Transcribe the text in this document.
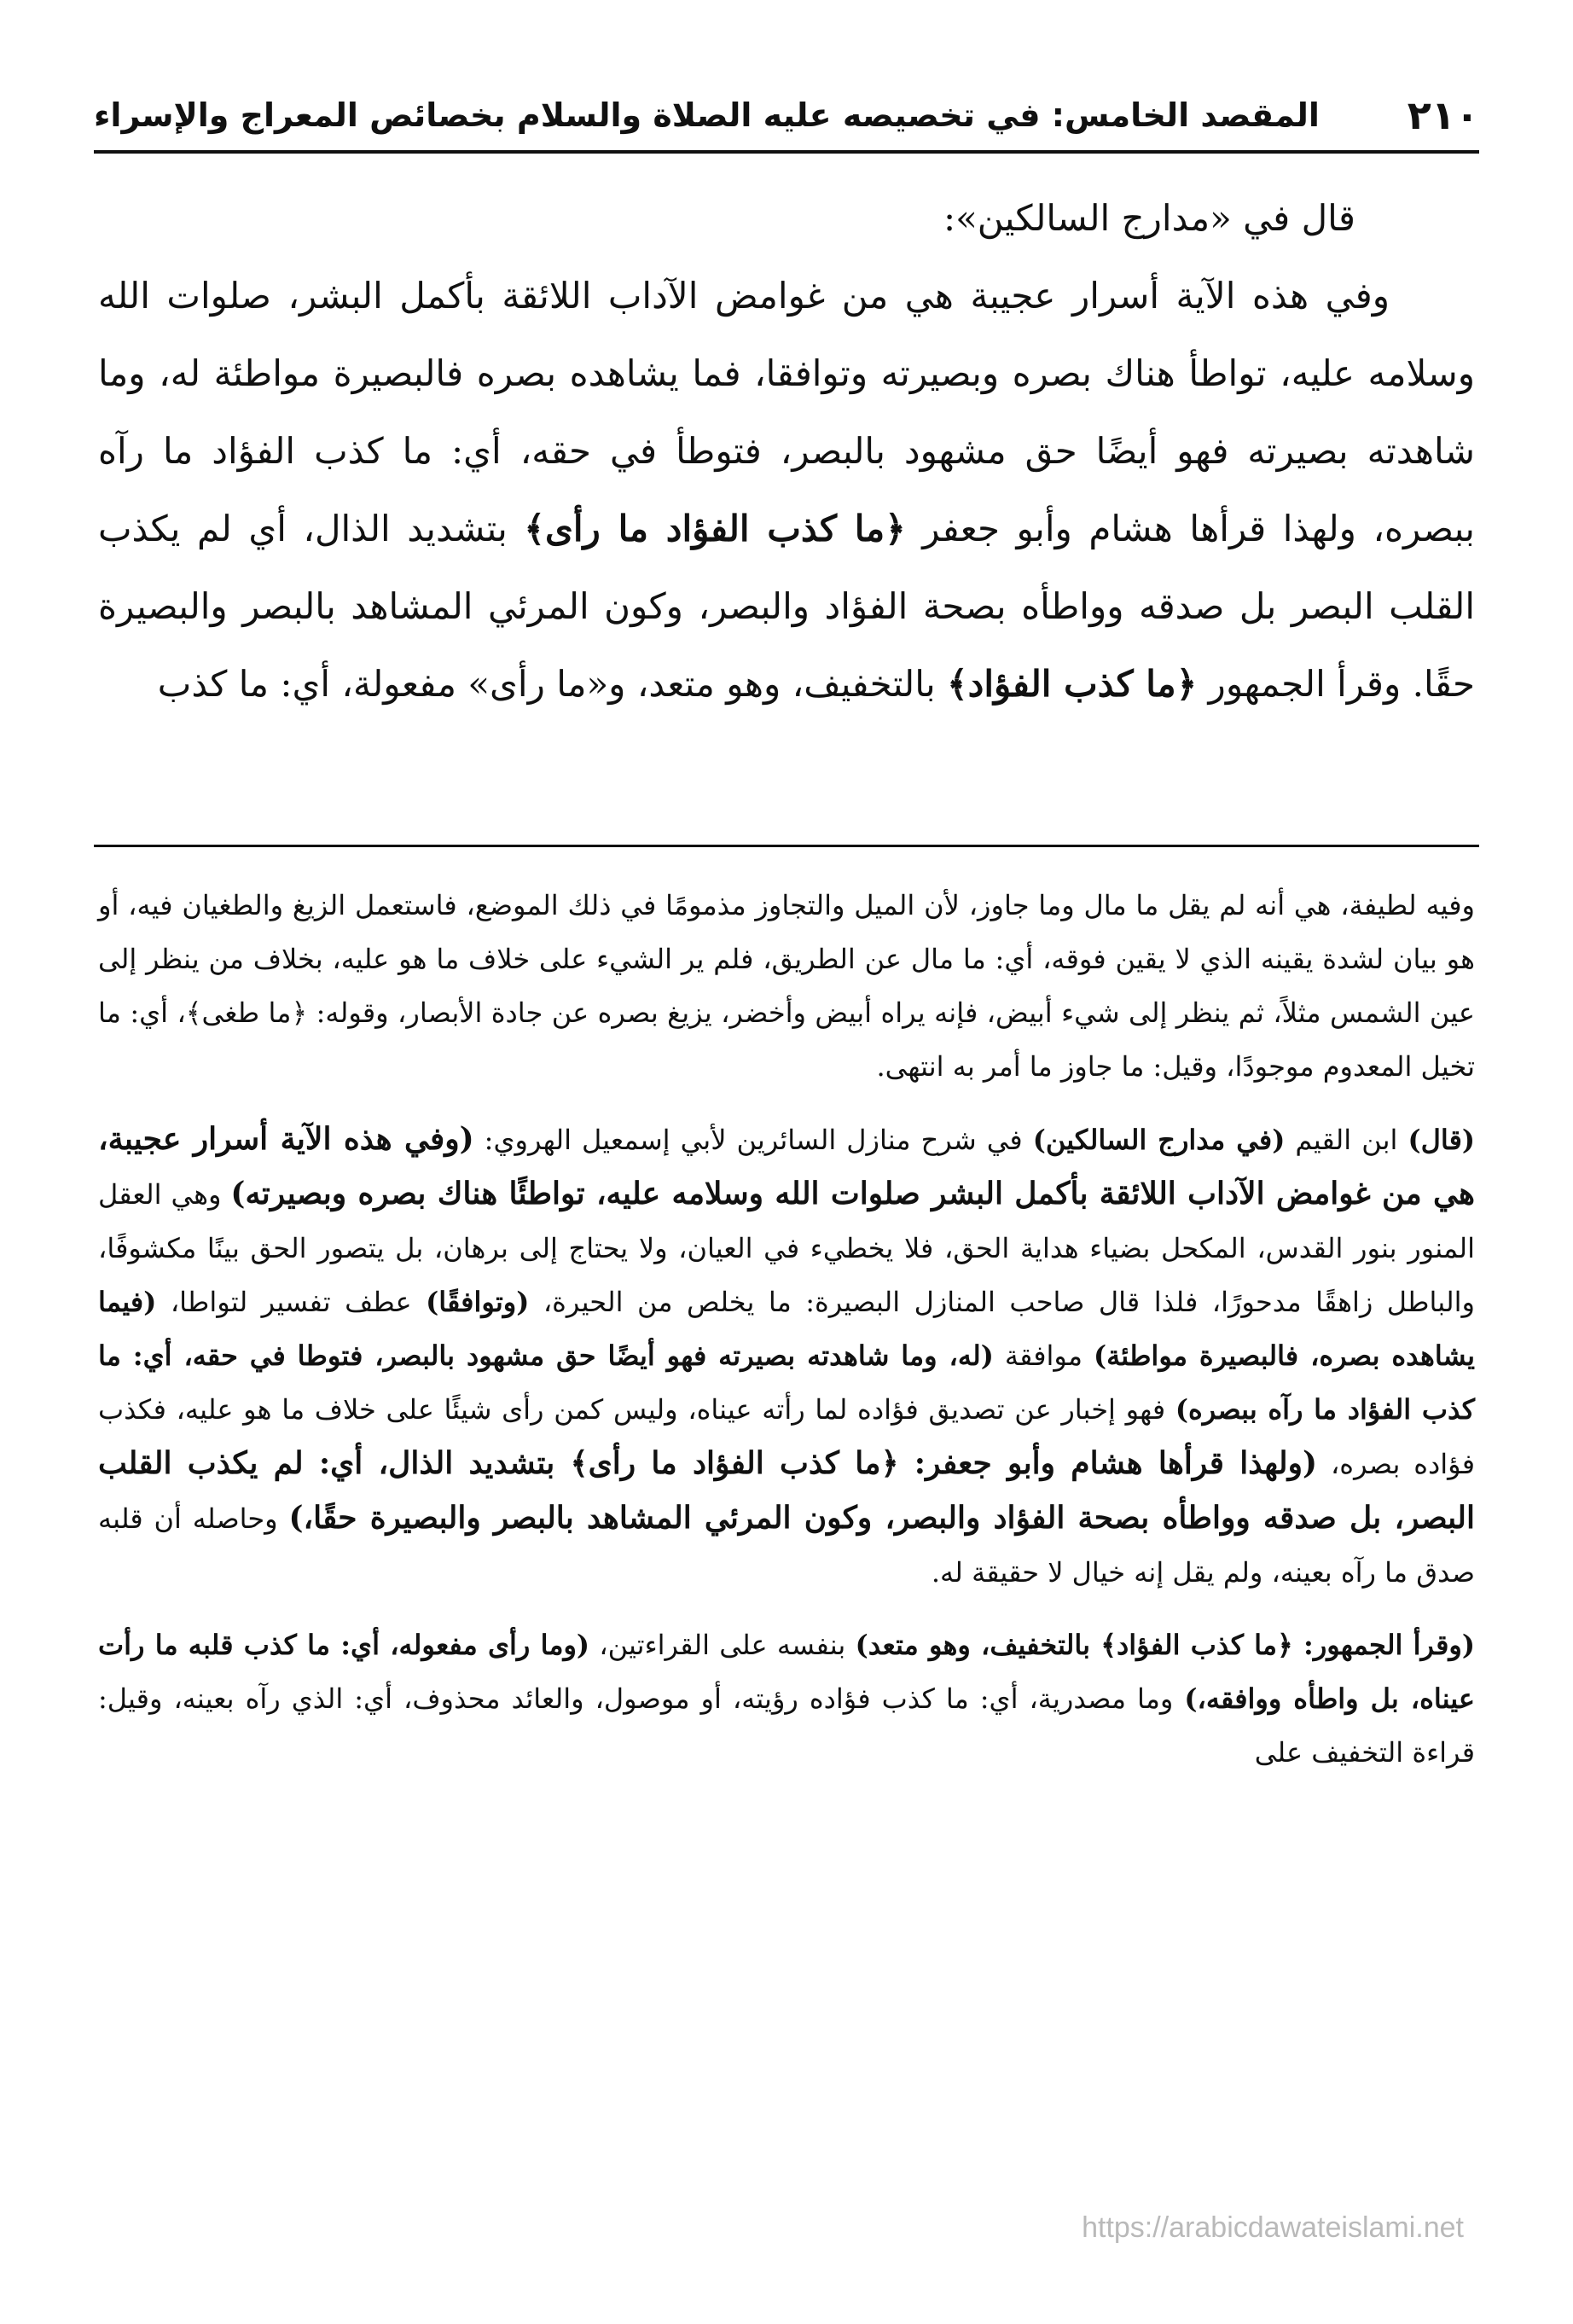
٢١٠
المقصد الخامس: في تخصيصه عليه الصلاة والسلام بخصائص المعراج والإسراء

قال في «مدارج السالكين»:

وفي هذه الآية أسرار عجيبة هي من غوامض الآداب اللائقة بأكمل البشر، صلوات الله وسلامه عليه، تواطأ هناك بصره وبصيرته وتوافقا، فما يشاهده بصره فالبصيرة مواطئة له، وما شاهدته بصيرته فهو أيضًا حق مشهود بالبصر، فتوطأ في حقه، أي: ما كذب الفؤاد ما رآه ببصره، ولهذا قرأها هشام وأبو جعفر ﴿ما كذب الفؤاد ما رأى﴾ بتشديد الذال، أي لم يكذب القلب البصر بل صدقه وواطأه بصحة الفؤاد والبصر، وكون المرئي المشاهد بالبصر والبصيرة حقًا. وقرأ الجمهور ﴿ما كذب الفؤاد﴾ بالتخفيف، وهو متعد، و«ما رأى» مفعولة، أي: ما كذب

وفيه لطيفة، هي أنه لم يقل ما مال وما جاوز، لأن الميل والتجاوز مذمومًا في ذلك الموضع، فاستعمل الزيغ والطغيان فيه، أو هو بيان لشدة يقينه الذي لا يقين فوقه، أي: ما مال عن الطريق، فلم ير الشيء على خلاف ما هو عليه، بخلاف من ينظر إلى عين الشمس مثلاً، ثم ينظر إلى شيء أبيض، فإنه يراه أبيض وأخضر، يزيغ بصره عن جادة الأبصار، وقوله: ﴿ما طغى﴾، أي: ما تخيل المعدوم موجودًا، وقيل: ما جاوز ما أمر به انتهى.

(قال) ابن القيم (في مدارج السالكين) في شرح منازل السائرين لأبي إسمعيل الهروي: (وفي هذه الآية أسرار عجيبة، هي من غوامض الآداب اللائقة بأكمل البشر صلوات الله وسلامه عليه، تواطئًا هناك بصره وبصيرته) وهي العقل المنور بنور القدس، المكحل بضياء هداية الحق، فلا يخطيء في العيان، ولا يحتاج إلى برهان، بل يتصور الحق بينًا مكشوفًا، والباطل زاهقًا مدحورًا، فلذا قال صاحب المنازل البصيرة: ما يخلص من الحيرة، (وتوافقًا) عطف تفسير لتواطا، (فيما يشاهده بصره، فالبصيرة مواطئة) موافقة (له، وما شاهدته بصيرته فهو أيضًا حق مشهود بالبصر، فتوطا في حقه، أي: ما كذب الفؤاد ما رآه ببصره) فهو إخبار عن تصديق فؤاده لما رأته عيناه، وليس كمن رأى شيئًا على خلاف ما هو عليه، فكذب فؤاده بصره، (ولهذا قرأها هشام وأبو جعفر: ﴿ما كذب الفؤاد ما رأى﴾ بتشديد الذال، أي: لم يكذب القلب البصر، بل صدقه وواطأه بصحة الفؤاد والبصر، وكون المرئي المشاهد بالبصر والبصيرة حقًا،) وحاصله أن قلبه صدق ما رآه بعينه، ولم يقل إنه خيال لا حقيقة له.

(وقرأ الجمهور: ﴿ما كذب الفؤاد﴾ بالتخفيف، وهو متعد) بنفسه على القراءتين، (وما رأى مفعوله، أي: ما كذب قلبه ما رأت عيناه، بل واطأه ووافقه،) وما مصدرية، أي: ما كذب فؤاده رؤيته، أو موصول، والعائد محذوف، أي: الذي رآه بعينه، وقيل: قراءة التخفيف على

https://arabicdawateislami.net
